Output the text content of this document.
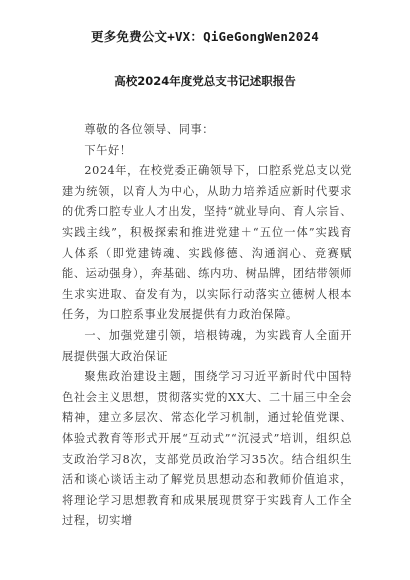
更多免费公文+VX：QiGeGongWen2024
高校2024年度党总支书记述职报告

尊敬的各位领导、同事：

下午好！

2024年，在校党委正确领导下，口腔系党总支以党建为统领，以育人为中心，从助力培养适应新时代要求的优秀口腔专业人才出发，坚持“就业导向、育人宗旨、实践主线”，积极探索和推进党建＋“五位一体”实践育人体系（即党建铸魂、实践修德、沟通润心、竞赛赋能、运动强身），奔基础、练内功、树品牌，团结带领师生求实进取、奋发有为，以实际行动落实立德树人根本任务，为口腔系事业发展提供有力政治保障。

一、加强党建引领，培根铸魂，为实践育人全面开展提供强大政治保证

聚焦政治建设主题，围绕学习习近平新时代中国特色社会主义思想，贯彻落实党的XX大、二十届三中全会精神，建立多层次、常态化学习机制，通过轮值党课、体验式教育等形式开展“互动式”“沉浸式”培训，组织总支政治学习8次，支部党员政治学习35次。结合组织生活和谈心谈话主动了解党员思想动态和教师价值追求，将理论学习思想教育和成果展现贯穿于实践育人工作全过程，切实增
